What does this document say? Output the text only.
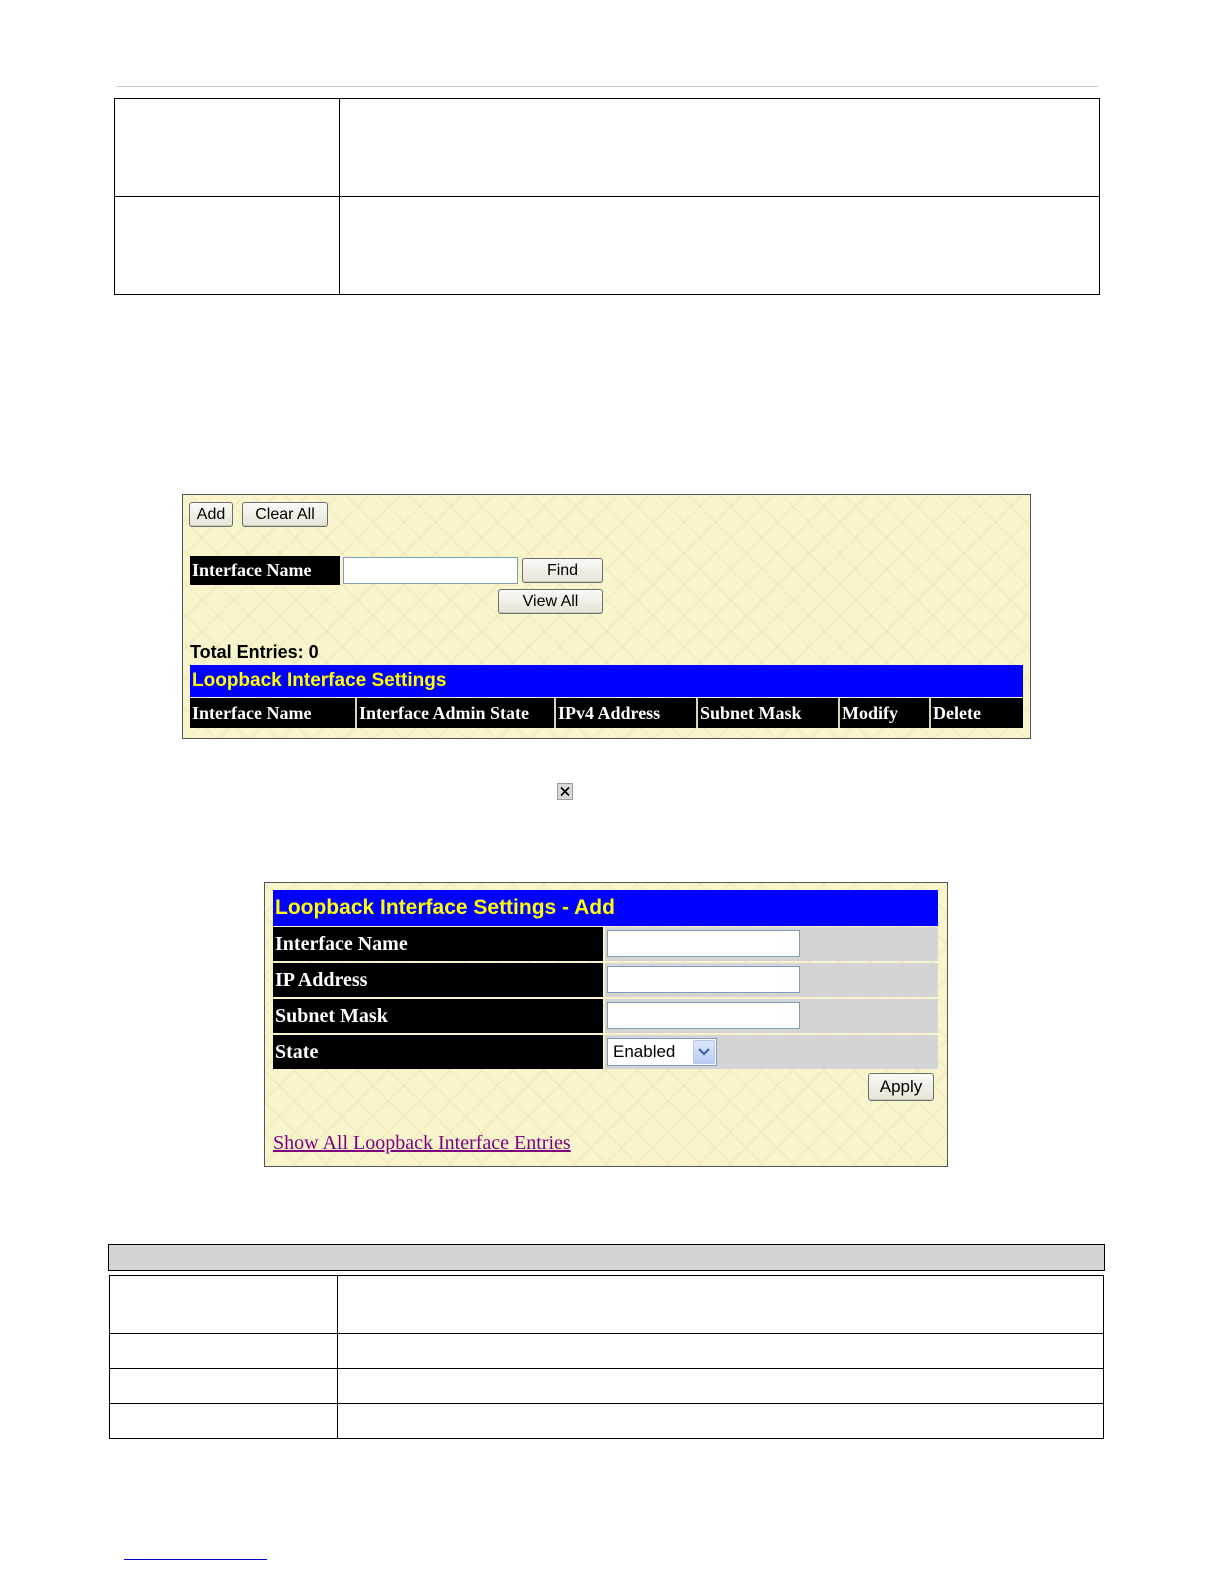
Add	Clear All
Interface Name	Find
View All
Total Entries: 0
Loopback Interface Settings
Interface Name	Interface Admin State	IPv4 Address	Subnet Mask	Modify	Delete
Loopback Interface Settings - Add
Interface Name
IP Address
Subnet Mask
State	Enabled
Apply
Show All Loopback Interface Entries
